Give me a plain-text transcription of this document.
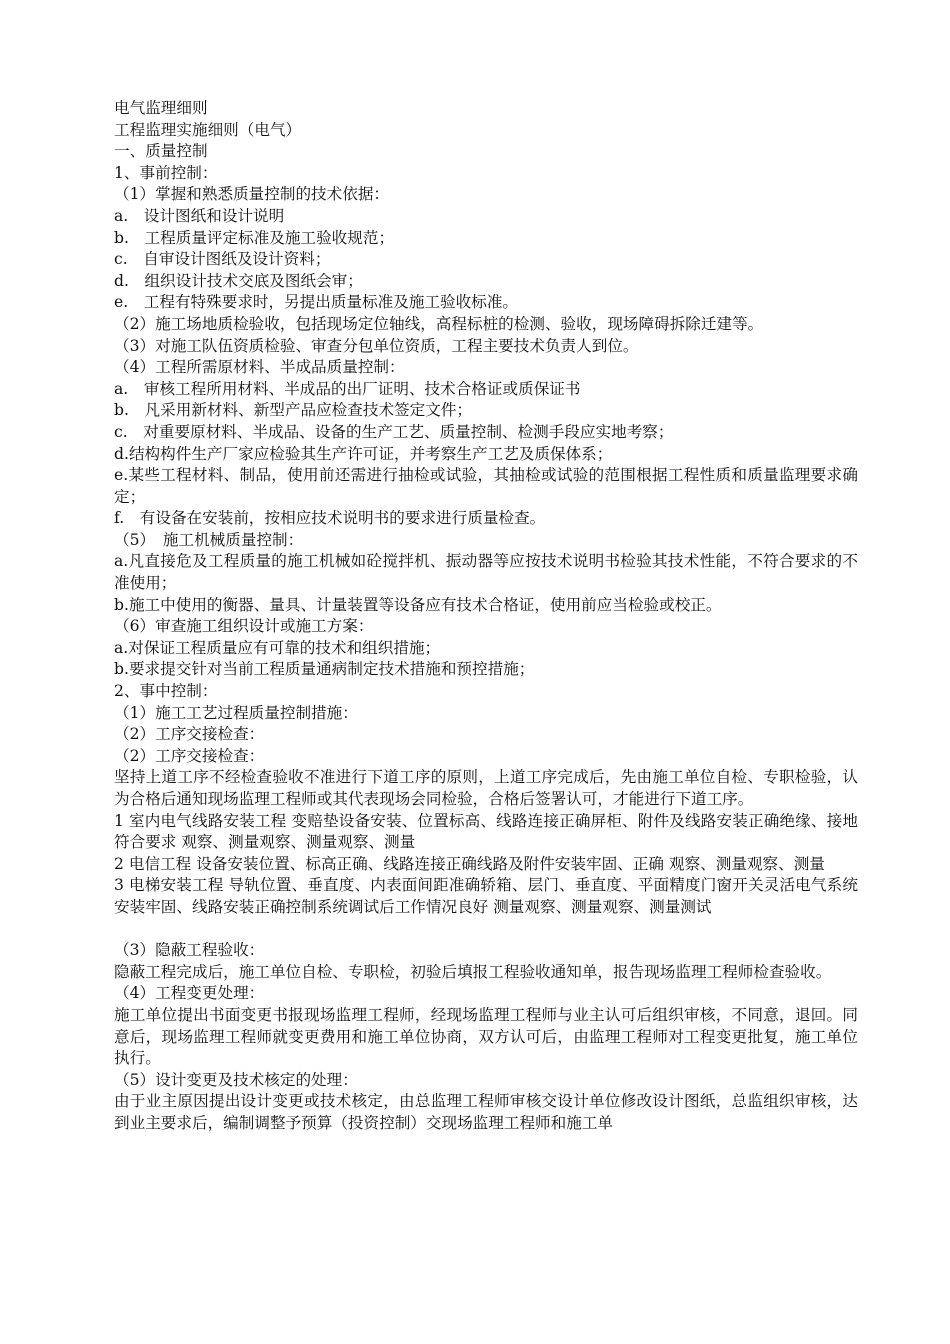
电气监理细则
工程监理实施细则（电气）
一、质量控制
1、事前控制：
（1）掌握和熟悉质量控制的技术依据：
a.　设计图纸和设计说明
b.　工程质量评定标准及施工验收规范；
c.　自审设计图纸及设计资料；
d.　组织设计技术交底及图纸会审；
e.　工程有特殊要求时，另提出质量标准及施工验收标准。
（2）施工场地质检验收，包括现场定位轴线，高程标桩的检测、验收，现场障碍拆除迁建等。
（3）对施工队伍资质检验、审查分包单位资质，工程主要技术负责人到位。
（4）工程所需原材料、半成品质量控制：
a.　审核工程所用材料、半成品的出厂证明、技术合格证或质保证书
b.　凡采用新材料、新型产品应检查技术签定文件；
c.　对重要原材料、半成品、设备的生产工艺、质量控制、检测手段应实地考察；
d.结构构件生产厂家应检验其生产许可证，并考察生产工艺及质保体系；
e.某些工程材料、制品，使用前还需进行抽检或试验，其抽检或试验的范围根据工程性质和质量监理要求确定；
f.　有设备在安装前，按相应技术说明书的要求进行质量检查。
（5）　施工机械质量控制：
a.凡直接危及工程质量的施工机械如砼搅拌机、振动器等应按技术说明书检验其技术性能，不符合要求的不准使用；
b.施工中使用的衡器、量具、计量装置等设备应有技术合格证，使用前应当检验或校正。
（6）审查施工组织设计或施工方案：
a.对保证工程质量应有可靠的技术和组织措施；
b.要求提交针对当前工程质量通病制定技术措施和预控措施；
2、事中控制：
（1）施工工艺过程质量控制措施：
（2）工序交接检查：
（2）工序交接检查：
坚持上道工序不经检查验收不准进行下道工序的原则，上道工序完成后，先由施工单位自检、专职检验，认为合格后通知现场监理工程师或其代表现场会同检验，合格后签署认可，才能进行下道工序。
1 室内电气线路安装工程 变赔垫设备安装、位置标高、线路连接正确屏柜、附件及线路安装正确绝缘、接地符合要求 观察、测量观察、测量观察、测量
2 电信工程 设备安装位置、标高正确、线路连接正确线路及附件安装牢固、正确 观察、测量观察、测量
3 电梯安装工程 导轨位置、垂直度、内表面间距准确轿箱、层门、垂直度、平面精度门窗开关灵活电气系统安装牢固、线路安装正确控制系统调试后工作情况良好 测量观察、测量观察、测量测试
（3）隐蔽工程验收：
隐蔽工程完成后，施工单位自检、专职检，初验后填报工程验收通知单，报告现场监理工程师检查验收。
（4）工程变更处理：
施工单位提出书面变更书报现场监理工程师，经现场监理工程师与业主认可后组织审核，不同意，退回。同意后，现场监理工程师就变更费用和施工单位协商，双方认可后，由监理工程师对工程变更批复，施工单位执行。
（5）设计变更及技术核定的处理：
由于业主原因提出设计变更或技术核定，由总监理工程师审核交设计单位修改设计图纸，总监组织审核，达到业主要求后，编制调整予预算（投资控制）交现场监理工程师和施工单
